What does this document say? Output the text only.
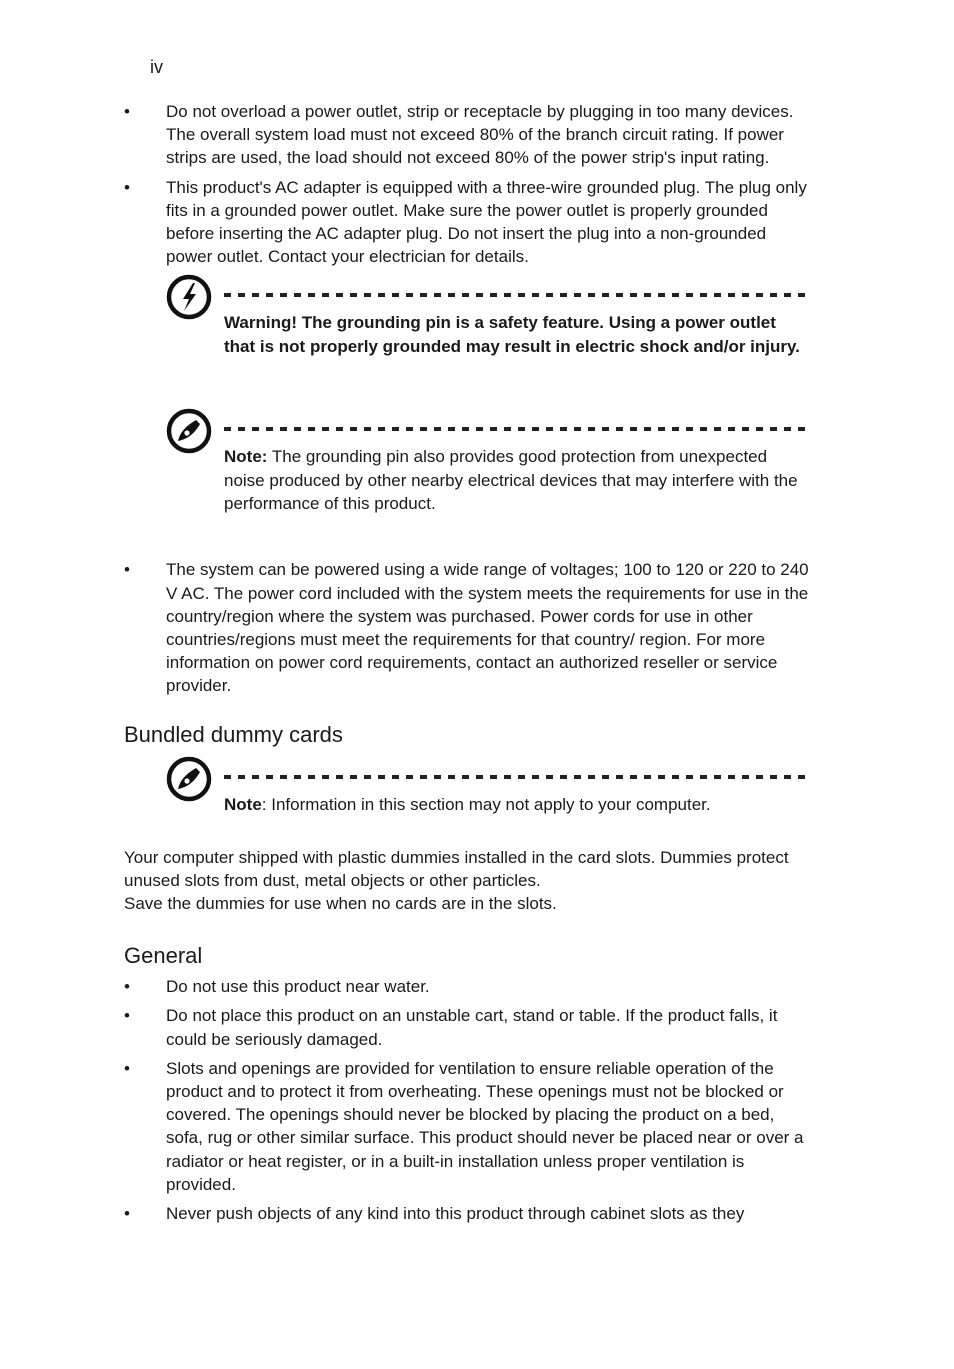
iv
• Do not overload a power outlet, strip or receptacle by plugging in too many devices. The overall system load must not exceed 80% of the branch circuit rating. If power strips are used, the load should not exceed 80% of the power strip's input rating.
• This product's AC adapter is equipped with a three-wire grounded plug. The plug only fits in a grounded power outlet. Make sure the power outlet is properly grounded before inserting the AC adapter plug. Do not insert the plug into a non-grounded power outlet. Contact your electrician for details.
Warning! The grounding pin is a safety feature. Using a power outlet that is not properly grounded may result in electric shock and/or injury.
Note: The grounding pin also provides good protection from unexpected noise produced by other nearby electrical devices that may interfere with the performance of this product.
• The system can be powered using a wide range of voltages; 100 to 120 or 220 to 240 V AC. The power cord included with the system meets the requirements for use in the country/region where the system was purchased. Power cords for use in other countries/regions must meet the requirements for that country/ region. For more information on power cord requirements, contact an authorized reseller or service provider.
Bundled dummy cards
Note: Information in this section may not apply to your computer.
Your computer shipped with plastic dummies installed in the card slots. Dummies protect unused slots from dust, metal objects or other particles.
Save the dummies for use when no cards are in the slots.
General
• Do not use this product near water.
• Do not place this product on an unstable cart, stand or table. If the product falls, it could be seriously damaged.
• Slots and openings are provided for ventilation to ensure reliable operation of the product and to protect it from overheating. These openings must not be blocked or covered. The openings should never be blocked by placing the product on a bed, sofa, rug or other similar surface. This product should never be placed near or over a radiator or heat register, or in a built-in installation unless proper ventilation is provided.
• Never push objects of any kind into this product through cabinet slots as they
